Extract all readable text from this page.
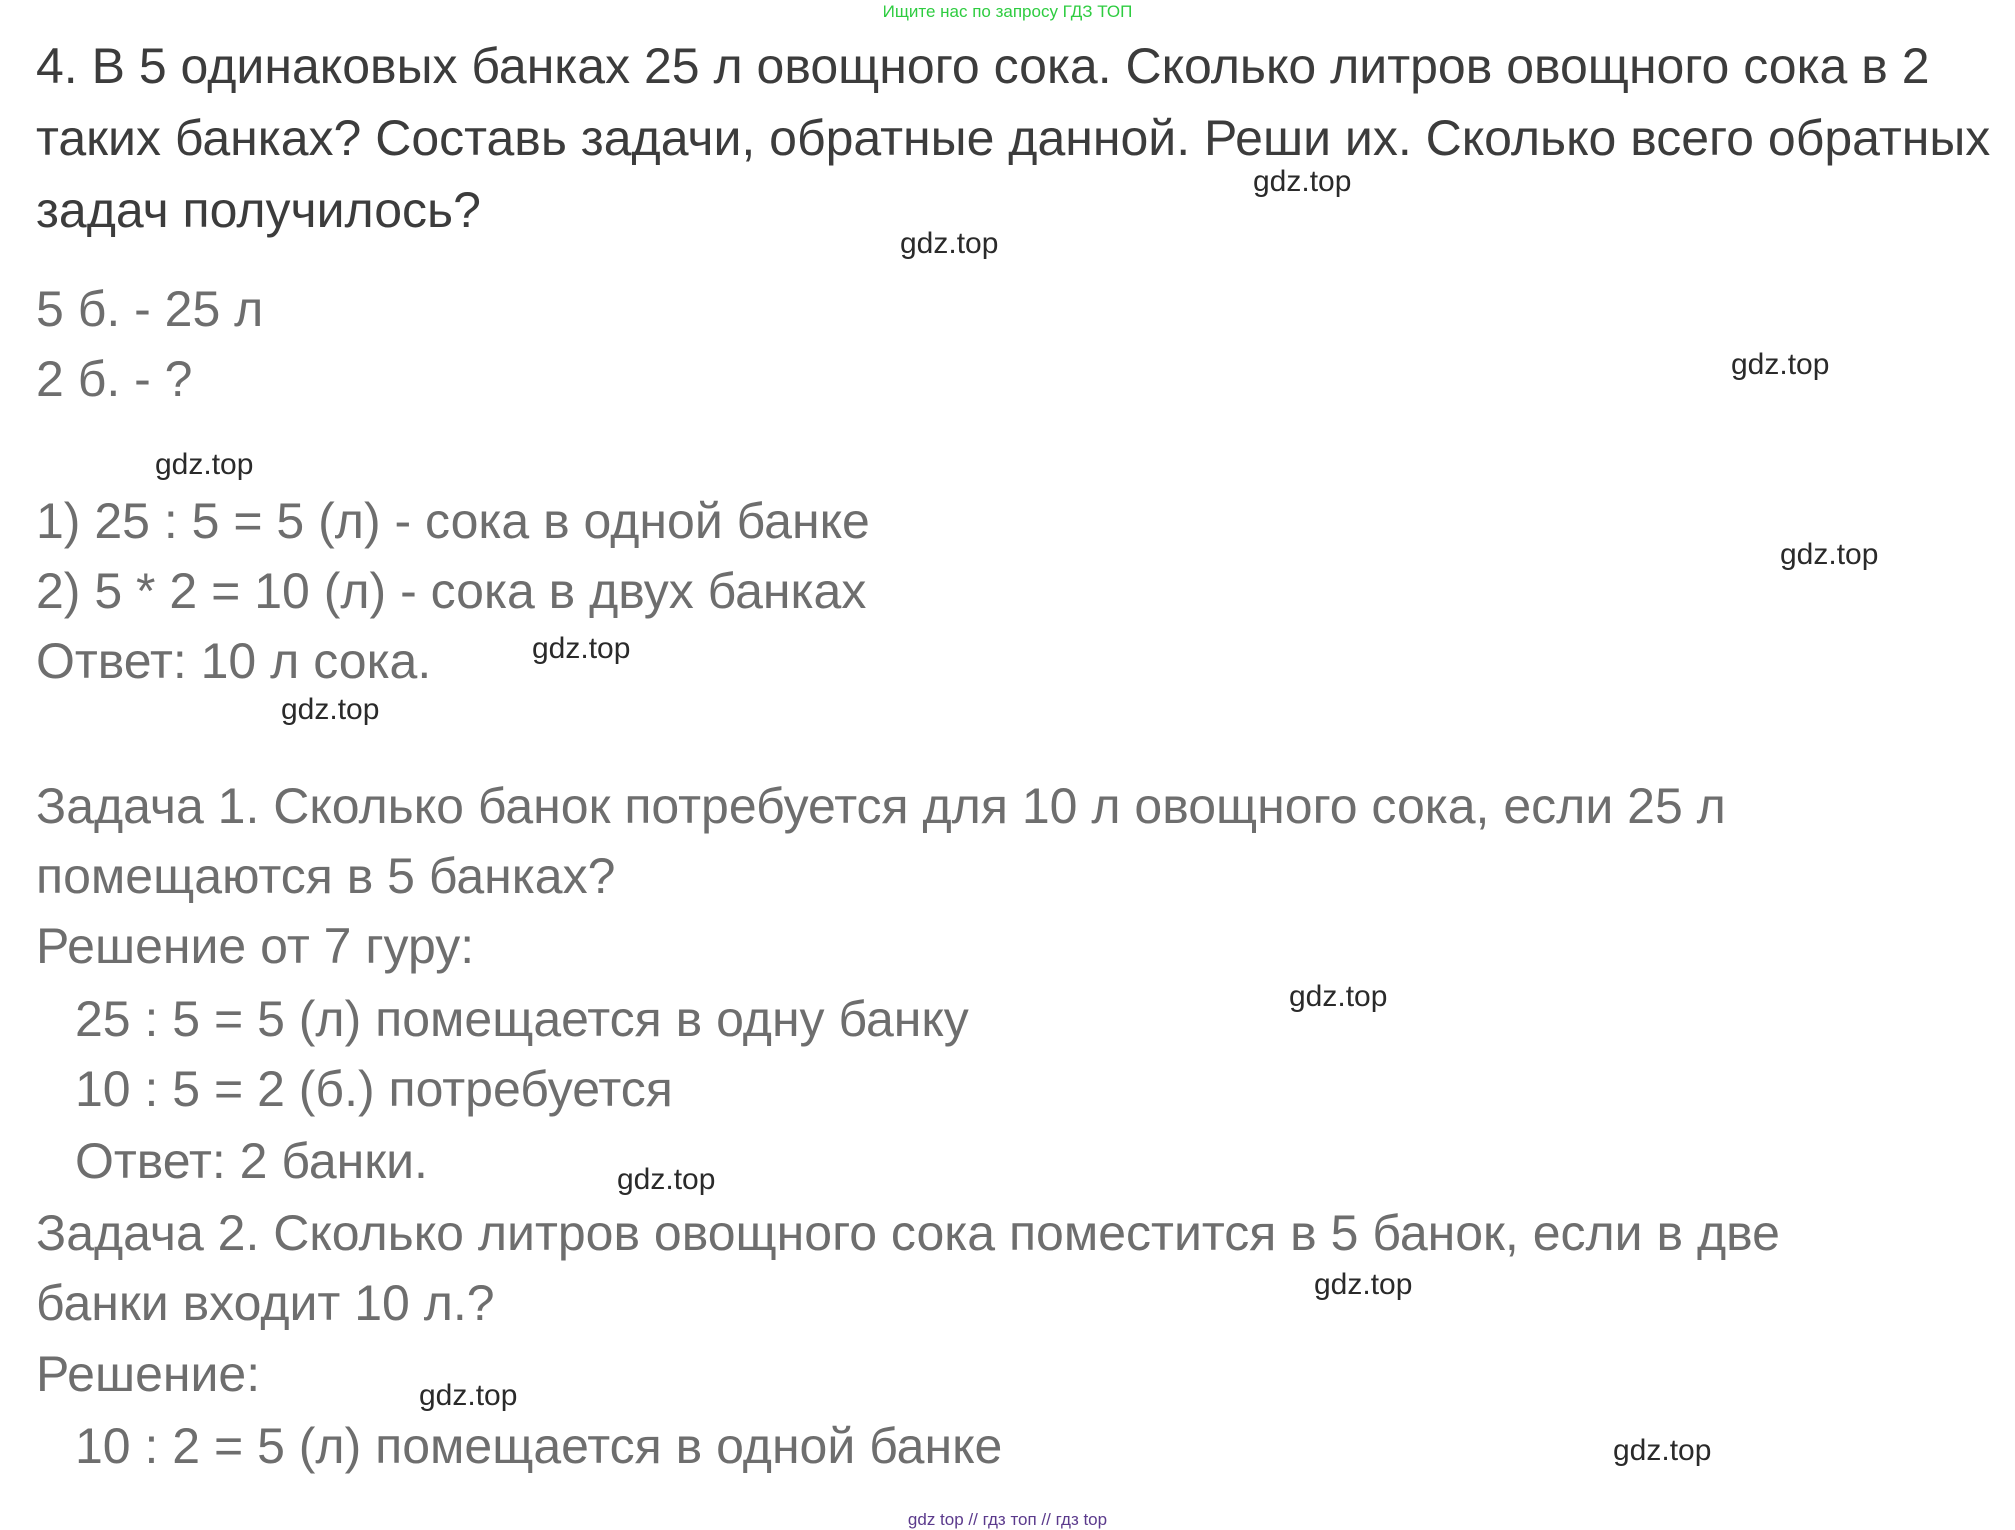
Ищите нас по запросу ГДЗ ТОП
4. В 5 одинаковых банках 25 л овощного сока. Сколько литров овощного сока в 2 таких банках? Составь задачи, обратные данной. Реши их. Сколько всего обратных задач получилось?
5 б. - 25 л
2 б. - ?
1) 25 : 5 = 5 (л) - сока в одной банке
2) 5 * 2 = 10 (л) - сока в двух банках
Ответ: 10 л сока.
Задача 1. Сколько банок потребуется для 10 л овощного сока, если 25 л
помещаются в 5 банках?
Решение от 7 гуру:
25 : 5 = 5 (л) помещается в одну банку
10 : 5 = 2 (б.) потребуется
Ответ: 2 банки.
Задача 2. Сколько литров овощного сока поместится в 5 банок, если в две
банки входит 10 л.?
Решение:
10 : 2 = 5 (л) помещается в одной банке
gdz.top
gdz.top
gdz.top
gdz.top
gdz.top
gdz.top
gdz.top
gdz.top
gdz.top
gdz.top
gdz.top
gdz.top
gdz top // гдз топ // гдз top
